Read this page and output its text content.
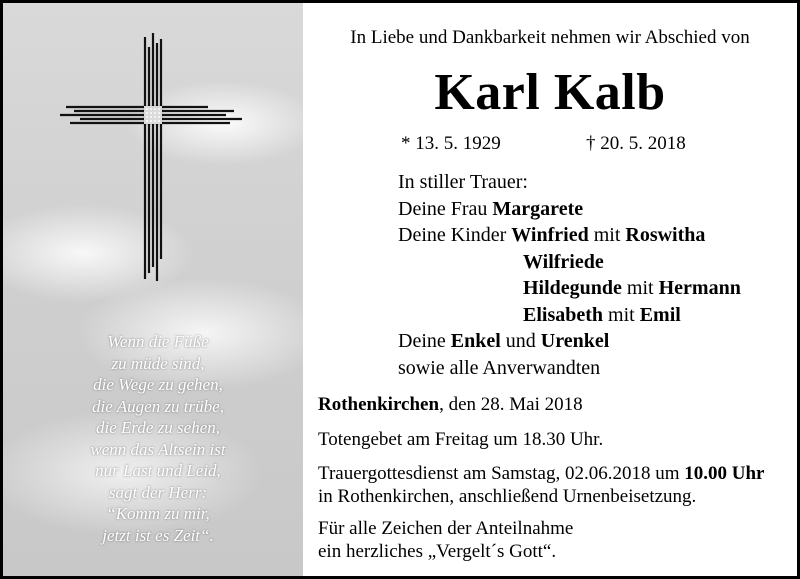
Wenn die Füße
zu müde sind,
die Wege zu gehen,
die Augen zu trübe,
die Erde zu sehen,
wenn das Altsein ist
nur Last und Leid,
sagt der Herr:
“Komm zu mir,
jetzt ist es Zeit“.
In Liebe und Dankbarkeit nehmen wir Abschied von
Karl Kalb
* 13. 5. 1929	† 20. 5. 2018
In stiller Trauer:
Deine Frau Margarete
Deine Kinder Winfried mit Roswitha
Wilfriede
Hildegunde mit Hermann
Elisabeth mit Emil
Deine Enkel und Urenkel
sowie alle Anverwandten
Rothenkirchen, den 28. Mai 2018
Totengebet am Freitag um 18.30 Uhr.
Trauergottesdienst am Samstag, 02.06.2018 um 10.00 Uhr
in Rothenkirchen, anschließend Urnenbeisetzung.
Für alle Zeichen der Anteilnahme
ein herzliches „Vergelt´s Gott“.
